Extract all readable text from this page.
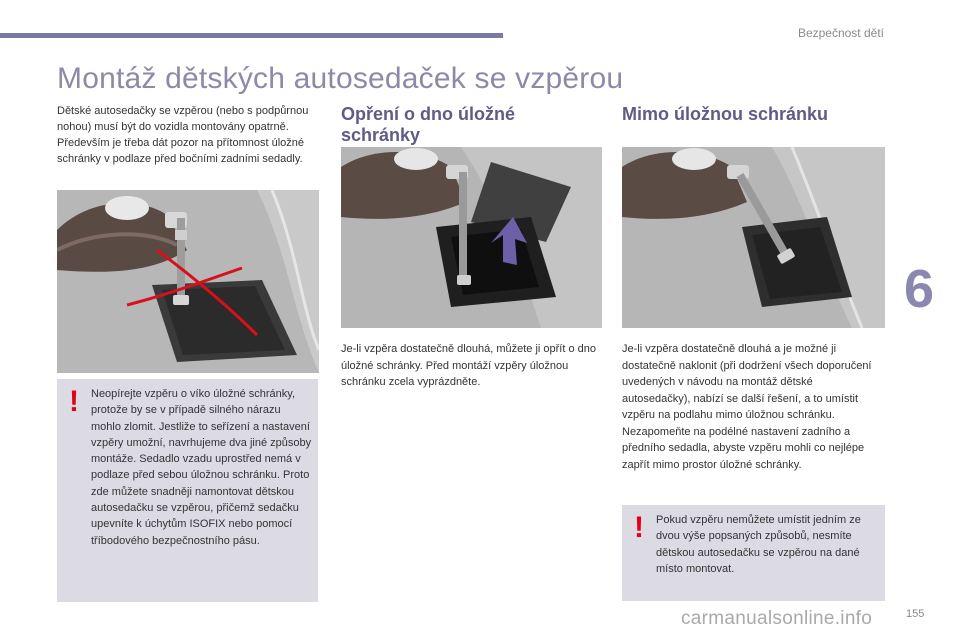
Bezpečnost dětí
6
155
Montáž dětských autosedaček se vzpěrou

Dětské autosedačky se vzpěrou (nebo s podpůrnou nohou) musí být do vozidla montovány opatrně. Především je třeba dát pozor na přítomnost úložné schránky v podlaze před bočními zadními sedadly.

! Neopírejte vzpěru o víko úložné schránky, protože by se v případě silného nárazu mohlo zlomit. Jestliže to seřízení a nastavení vzpěry umožní, navrhujeme dva jiné způsoby montáže. Sedadlo vzadu uprostřed nemá v podlaze před sebou úložnou schránku. Proto zde můžete snadněji namontovat dětskou autosedačku se vzpěrou, přičemž sedačku upevníte k úchytům ISOFIX nebo pomocí tříbodového bezpečnostního pásu.

Opření o dno úložné schránky

Je-li vzpěra dostatečně dlouhá, můžete ji opřít o dno úložné schránky. Před montáží vzpěry úložnou schránku zcela vyprázdněte.

Mimo úložnou schránku

Je-li vzpěra dostatečně dlouhá a je možné ji dostatečně naklonit (při dodržení všech doporučení uvedených v návodu na montáž dětské autosedačky), nabízí se další řešení, a to umístit vzpěru na podlahu mimo úložnou schránku. Nezapomeňte na podélné nastavení zadního a předního sedadla, abyste vzpěru mohli co nejlépe zapřít mimo prostor úložné schránky.

! Pokud vzpěru nemůžete umístit jedním ze dvou výše popsaných způsobů, nesmíte dětskou autosedačku se vzpěrou na dané místo montovat.

carmanualsonline.info
